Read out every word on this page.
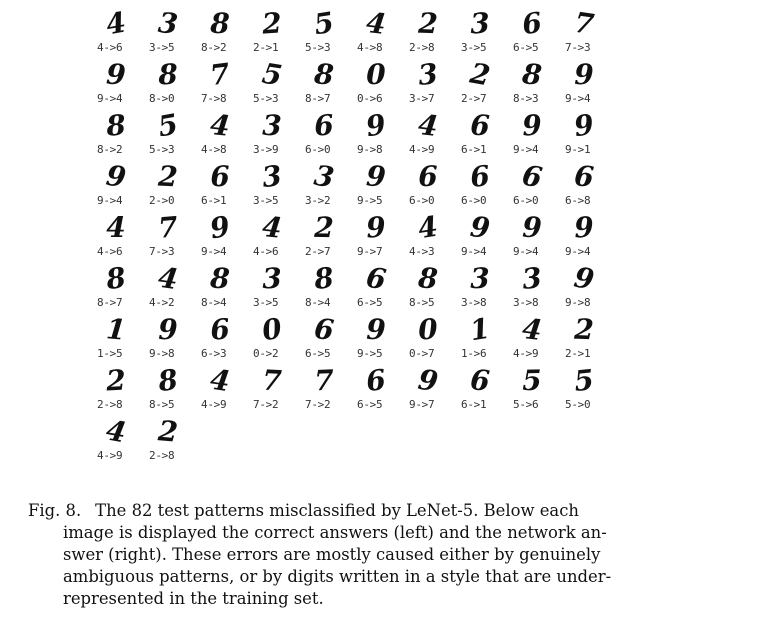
4
4->6
3
3->5
8
8->2
2
2->1
5
5->3
4
4->8
2
2->8
3
3->5
6
6->5
7
7->3
9
9->4
8
8->0
7
7->8
5
5->3
8
8->7
0
0->6
3
3->7
2
2->7
8
8->3
9
9->4
8
8->2
5
5->3
4
4->8
3
3->9
6
6->0
9
9->8
4
4->9
6
6->1
9
9->4
9
9->1
9
9->4
2
2->0
6
6->1
3
3->5
3
3->2
9
9->5
6
6->0
6
6->0
6
6->0
6
6->8
4
4->6
7
7->3
9
9->4
4
4->6
2
2->7
9
9->7
4
4->3
9
9->4
9
9->4
9
9->4
8
8->7
4
4->2
8
8->4
3
3->5
8
8->4
6
6->5
8
8->5
3
3->8
3
3->8
9
9->8
1
1->5
9
9->8
6
6->3
0
0->2
6
6->5
9
9->5
0
0->7
1
1->6
4
4->9
2
2->1
2
2->8
8
8->5
4
4->9
7
7->2
7
7->2
6
6->5
9
9->7
6
6->1
5
5->6
5
5->0
4
4->9
2
2->8
Fig. 8. The 82 test patterns misclassified by LeNet-5. Below each
image is displayed the correct answers (left) and the network an-
swer (right). These errors are mostly caused either by genuinely
ambiguous patterns, or by digits written in a style that are under-
represented in the training set.
